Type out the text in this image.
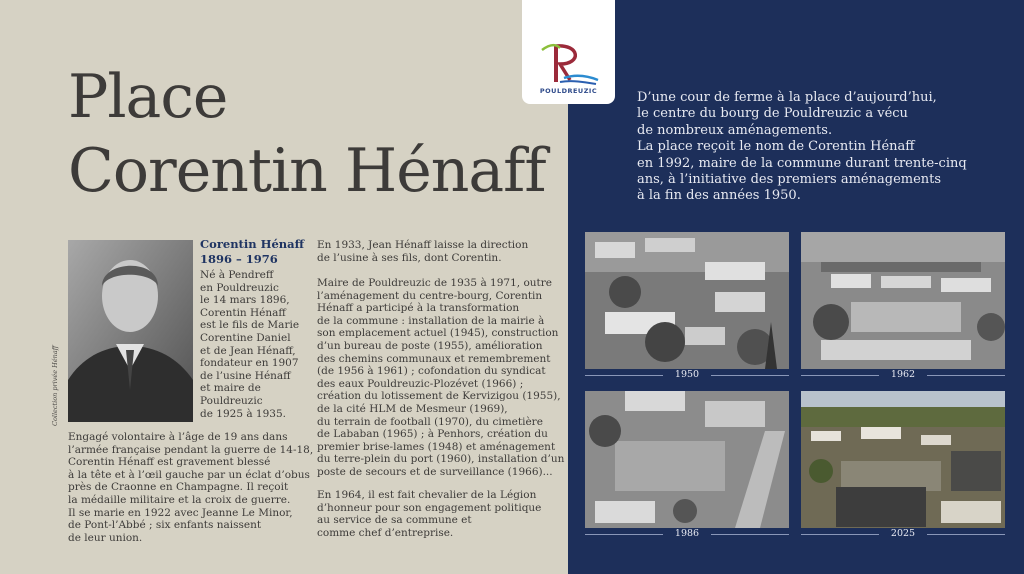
Place
Corentin Hénaff
POULDREUZIC	D’une cour de ferme à la place d’aujourd’hui,
le centre du bourg de Pouldreuzic a vécu
de nombreux aménagements.
La place reçoit le nom de Corentin Hénaff
en 1992, maire de la commune durant trente-cinq
ans, à l’initiative des premiers aménagements
à la fin des années 1950.
Collection privée Hénaff
Corentin Hénaff
1896 – 1976
Né à Pendreff
en Pouldreuzic
le 14 mars 1896,
Corentin Hénaff
est le fils de Marie
Corentine Daniel
et de Jean Hénaff,
fondateur en 1907
de l’usine Hénaff
et maire de
Pouldreuzic
de 1925 à 1935.
Engagé volontaire à l’âge de 19 ans dans
l’armée française pendant la guerre de 14-18,
Corentin Hénaff est gravement blessé
à la tête et à l’œil gauche par un éclat d’obus
près de Craonne en Champagne. Il reçoit
la médaille militaire et la croix de guerre.
Il se marie en 1922 avec Jeanne Le Minor,
de Pont-l’Abbé ; six enfants naissent
de leur union.
En 1933, Jean Hénaff laisse la direction
de l’usine à ses fils, dont Corentin.
Maire de Pouldreuzic de 1935 à 1971, outre
l’aménagement du centre-bourg, Corentin
Hénaff a participé à la transformation
de la commune : installation de la mairie à
son emplacement actuel (1945), construction
d’un bureau de poste (1955), amélioration
des chemins communaux et remembrement
(de 1956 à 1961) ; cofondation du syndicat
des eaux Pouldreuzic-Plozévet (1966) ;
création du lotissement de Kervizigou (1955),
de la cité HLM de Mesmeur (1969),
du terrain de football (1970), du cimetière
de Lababan (1965) ; à Penhors, création du
premier brise-lames (1948) et aménagement
du terre-plein du port (1960), installation d’un
poste de secours et de surveillance (1966)...
En 1964, il est fait chevalier de la Légion
d’honneur pour son engagement politique
au service de sa commune et
comme chef d’entreprise.
1950	1962
1986	2025
